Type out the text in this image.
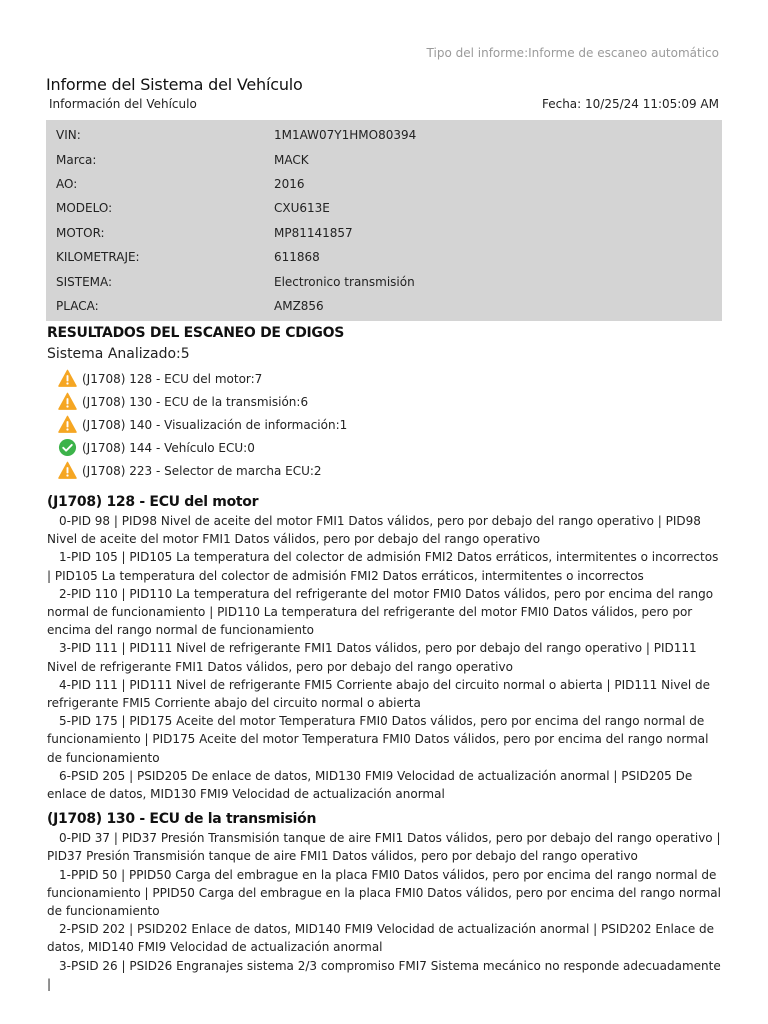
Tipo del informe:Informe de escaneo automático
Informe del Sistema del Vehículo
Información del Vehículo	Fecha: 10/25/24 11:05:09 AM
VIN:	1M1AW07Y1HMO80394
Marca:	MACK
AO:	2016
MODELO:	CXU613E
MOTOR:	MP81141857
KILOMETRAJE:	611868
SISTEMA:	Electronico transmisión
PLACA:	AMZ856
RESULTADOS DEL ESCANEO DE CDIGOS
Sistema Analizado:5
(J1708) 128 - ECU del motor:7
(J1708) 130 - ECU de la transmisión:6
(J1708) 140 - Visualización de información:1
(J1708) 144 - Vehículo ECU:0
(J1708) 223 - Selector de marcha ECU:2
(J1708) 128 - ECU del motor

0-PID 98 | PID98 Nivel de aceite del motor FMI1 Datos válidos, pero por debajo del rango operativo | PID98 Nivel de aceite del motor FMI1 Datos válidos, pero por debajo del rango operativo

1-PID 105 | PID105 La temperatura del colector de admisión FMI2 Datos erráticos, intermitentes o incorrectos | PID105 La temperatura del colector de admisión FMI2 Datos erráticos, intermitentes o incorrectos

2-PID 110 | PID110 La temperatura del refrigerante del motor FMI0 Datos válidos, pero por encima del rango normal de funcionamiento | PID110 La temperatura del refrigerante del motor FMI0 Datos válidos, pero por encima del rango normal de funcionamiento

3-PID 111 | PID111 Nivel de refrigerante FMI1 Datos válidos, pero por debajo del rango operativo | PID111 Nivel de refrigerante FMI1 Datos válidos, pero por debajo del rango operativo

4-PID 111 | PID111 Nivel de refrigerante FMI5 Corriente abajo del circuito normal o abierta | PID111 Nivel de refrigerante FMI5 Corriente abajo del circuito normal o abierta

5-PID 175 | PID175 Aceite del motor Temperatura FMI0 Datos válidos, pero por encima del rango normal de funcionamiento | PID175 Aceite del motor Temperatura FMI0 Datos válidos, pero por encima del rango normal de funcionamiento

6-PSID 205 | PSID205 De enlace de datos, MID130 FMI9 Velocidad de actualización anormal | PSID205 De enlace de datos, MID130 FMI9 Velocidad de actualización anormal

(J1708) 130 - ECU de la transmisión

0-PID 37 | PID37 Presión Transmisión tanque de aire FMI1 Datos válidos, pero por debajo del rango operativo | PID37 Presión Transmisión tanque de aire FMI1 Datos válidos, pero por debajo del rango operativo

1-PPID 50 | PPID50 Carga del embrague en la placa FMI0 Datos válidos, pero por encima del rango normal de funcionamiento | PPID50 Carga del embrague en la placa FMI0 Datos válidos, pero por encima del rango normal de funcionamiento

2-PSID 202 | PSID202 Enlace de datos, MID140 FMI9 Velocidad de actualización anormal | PSID202 Enlace de datos, MID140 FMI9 Velocidad de actualización anormal

3-PSID 26 | PSID26 Engranajes sistema 2/3 compromiso FMI7 Sistema mecánico no responde adecuadamente |
